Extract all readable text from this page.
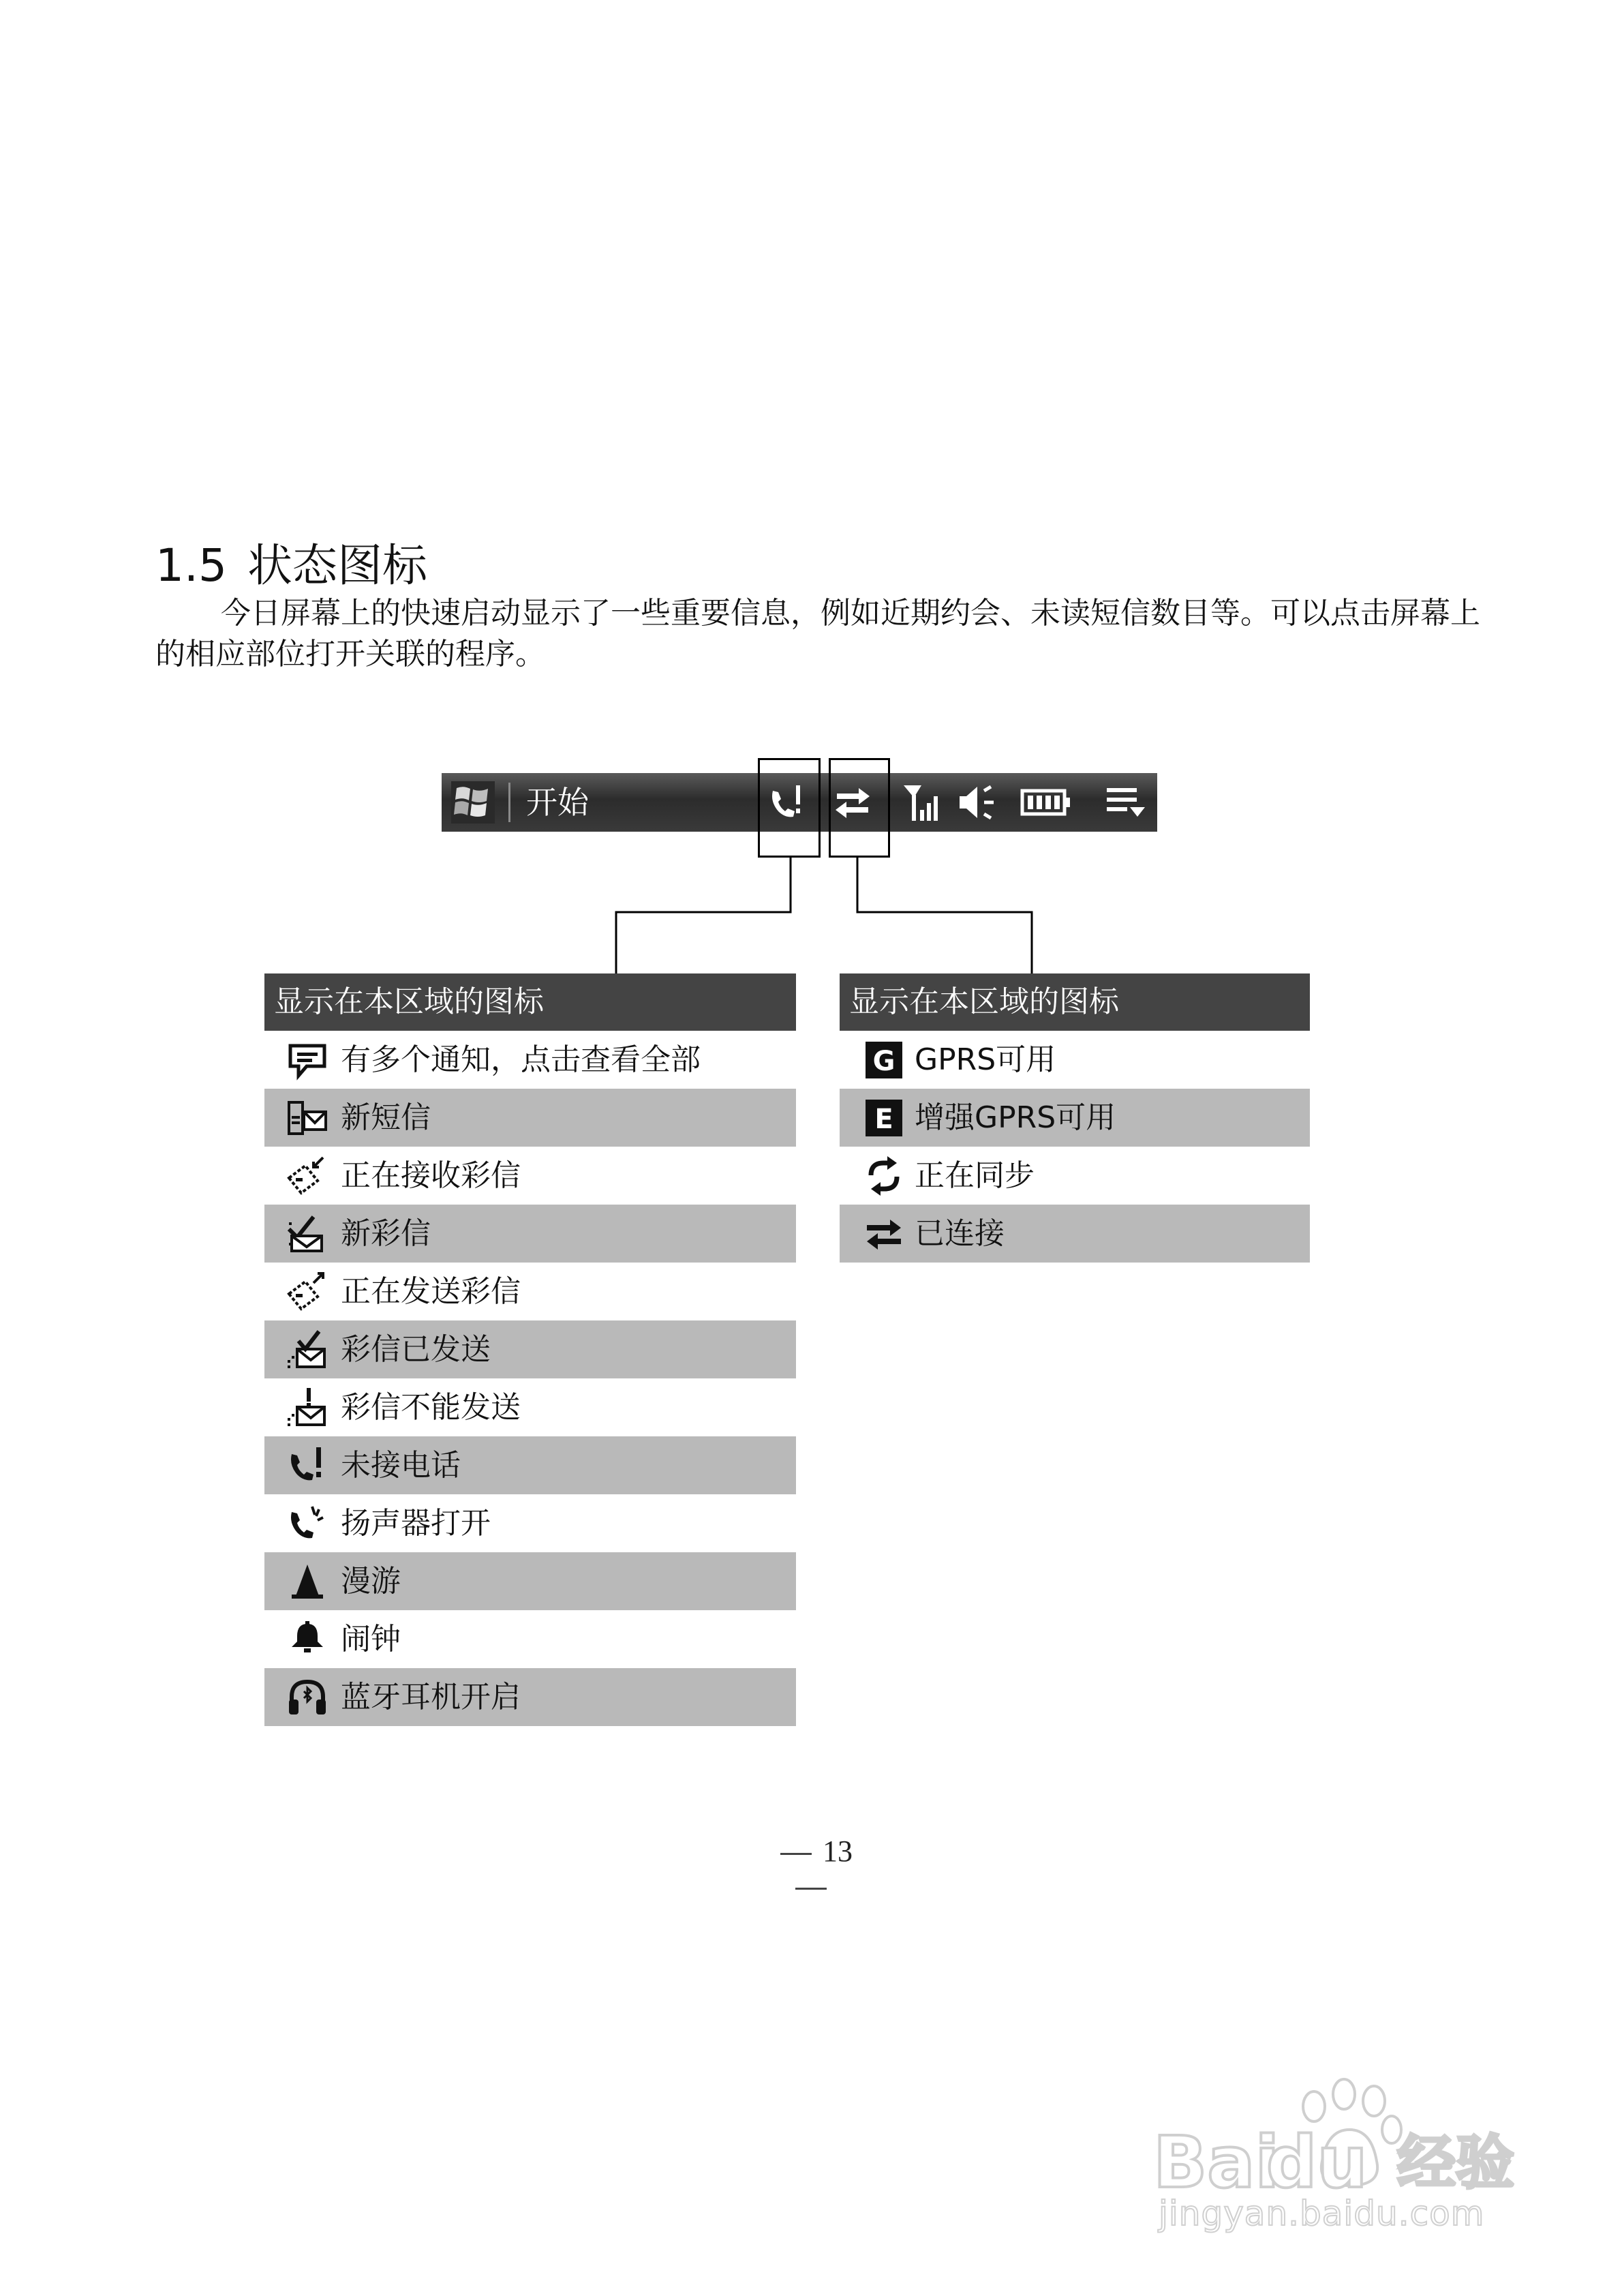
1.5 状态图标

今日屏幕上的快速启动显示了一些重要信息，例如近期约会、未读短信数目等。可以点击屏幕上的相应部位打开关联的程序。

开始
显示在本区域的图标
有多个通知，点击查看全部
新短信
正在接收彩信
新彩信
正在发送彩信
彩信已发送
彩信不能发送
未接电话
扬声器打开
漫游
闹钟
蓝牙耳机开启
显示在本区域的图标
G GPRS可用
E 增强GPRS可用
正在同步
已连接
13
Bai
du 经验
jingyan.baidu.com
